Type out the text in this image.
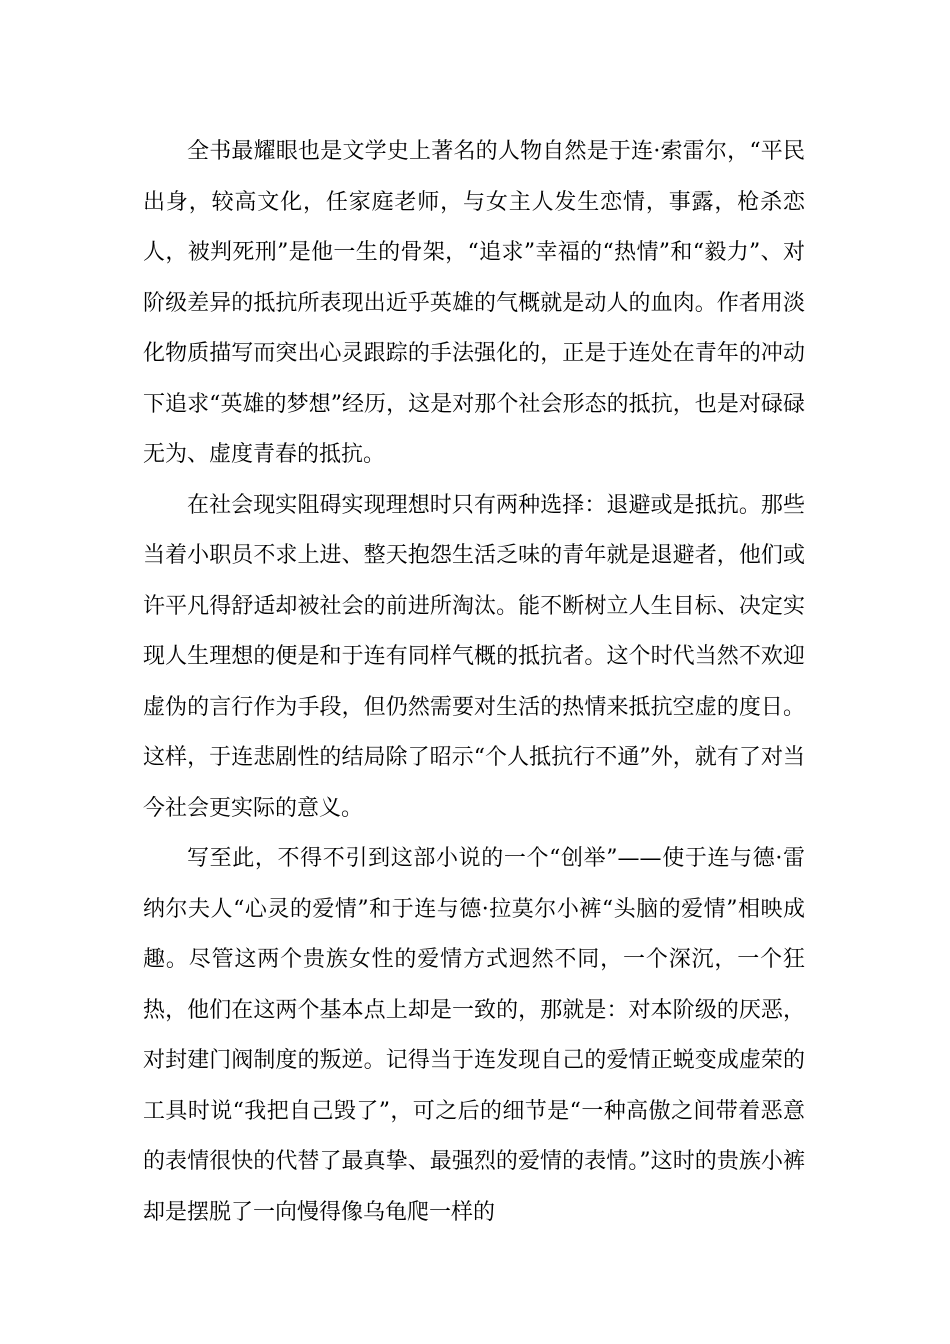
全书最耀眼也是文学史上著名的人物自然是于连·索雷尔，“平民出身，较高文化，任家庭老师，与女主人发生恋情，事露，枪杀恋人，被判死刑”是他一生的骨架，“追求”幸福的“热情”和“毅力”、对阶级差异的抵抗所表现出近乎英雄的气概就是动人的血肉。作者用淡化物质描写而突出心灵跟踪的手法强化的，正是于连处在青年的冲动下追求“英雄的梦想”经历，这是对那个社会形态的抵抗，也是对碌碌无为、虚度青春的抵抗。

在社会现实阻碍实现理想时只有两种选择：退避或是抵抗。那些当着小职员不求上进、整天抱怨生活乏味的青年就是退避者，他们或许平凡得舒适却被社会的前进所淘汰。能不断树立人生目标、决定实现人生理想的便是和于连有同样气概的抵抗者。这个时代当然不欢迎虚伪的言行作为手段，但仍然需要对生活的热情来抵抗空虚的度日。这样，于连悲剧性的结局除了昭示“个人抵抗行不通”外，就有了对当今社会更实际的意义。

写至此，不得不引到这部小说的一个“创举”——使于连与德·雷纳尔夫人“心灵的爱情”和于连与德·拉莫尔小裤“头脑的爱情”相映成趣。尽管这两个贵族女性的爱情方式迥然不同，一个深沉，一个狂热，他们在这两个基本点上却是一致的，那就是：对本阶级的厌恶，对封建门阀制度的叛逆。记得当于连发现自己的爱情正蜕变成虚荣的工具时说“我把自己毁了”，可之后的细节是“一种高傲之间带着恶意的表情很快的代替了最真挚、最强烈的爱情的表情。”这时的贵族小裤却是摆脱了一向慢得像乌龟爬一样的
